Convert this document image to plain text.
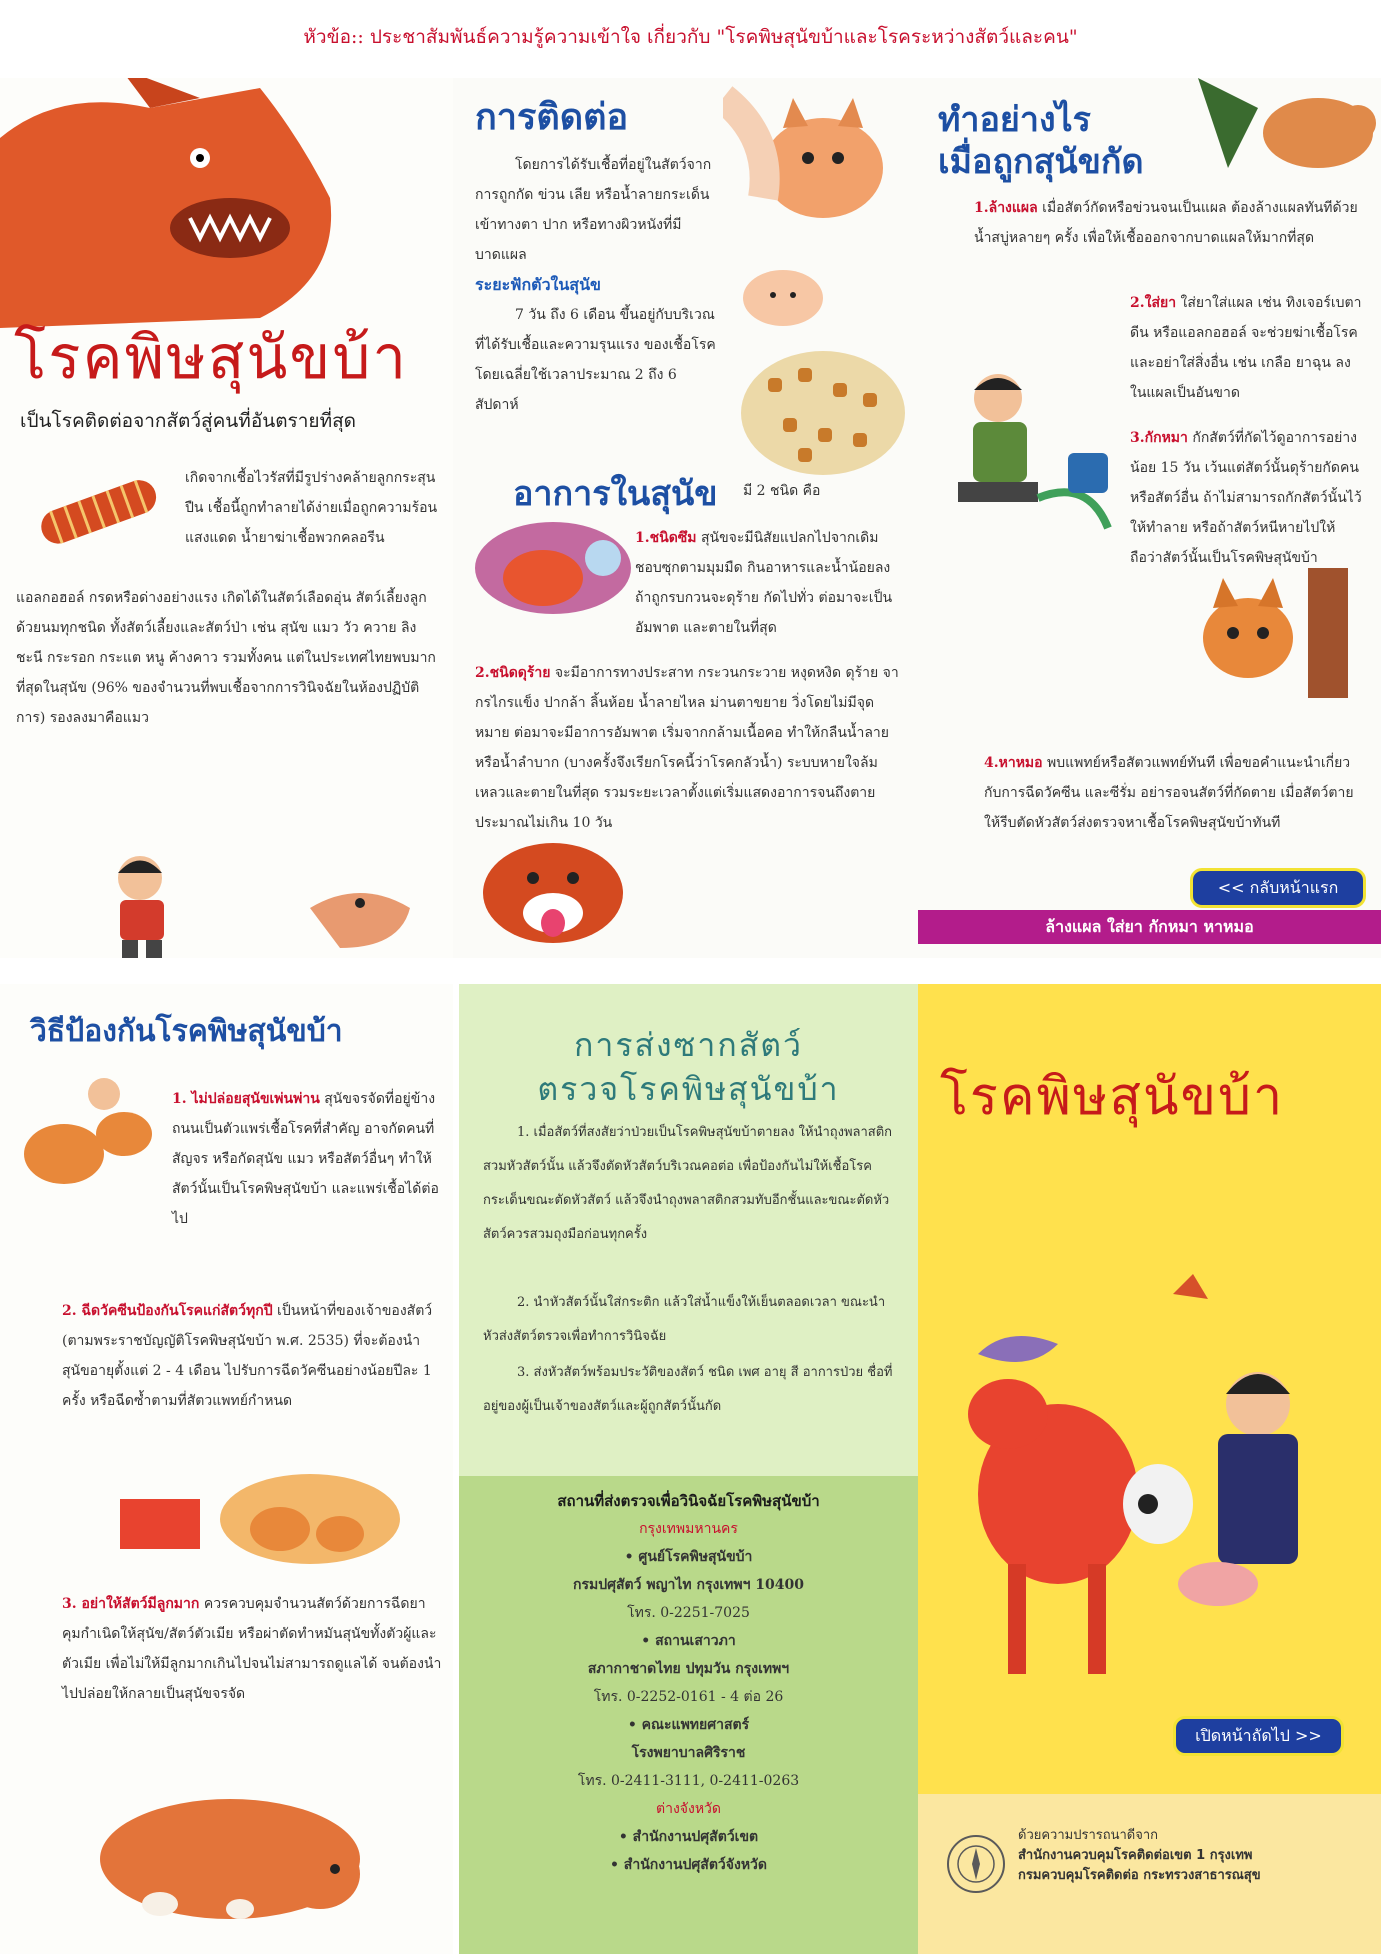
หัวข้อ:: ประชาสัมพันธ์ความรู้ความเข้าใจ เกี่ยวกับ "โรคพิษสุนัขบ้าและโรคระหว่างสัตว์และคน"
โรคพิษสุนัขบ้า
เป็นโรคติดต่อจากสัตว์สู่คนที่อันตรายที่สุด
เกิดจากเชื้อไวรัสที่มีรูปร่างคล้ายลูกกระสุนปืน เชื้อนี้ถูกทำลายได้ง่ายเมื่อถูกความร้อน แสงแดด น้ำยาฆ่าเชื้อพวกคลอรีน
แอลกอฮอล์ กรดหรือด่างอย่างแรง เกิดได้ในสัตว์เลือดอุ่น สัตว์เลี้ยงลูกด้วยนมทุกชนิด ทั้งสัตว์เลี้ยงและสัตว์ป่า เช่น สุนัข แมว วัว ควาย ลิง ชะนี กระรอก กระแต หนู ค้างคาว รวมทั้งคน แต่ในประเทศไทยพบมากที่สุดในสุนัข (96% ของจำนวนที่พบเชื้อจากการวินิจฉัยในห้องปฏิบัติการ) รองลงมาคือแมว
การติดต่อ
โดยการได้รับเชื้อที่อยู่ในสัตว์จากการถูกกัด ข่วน เลีย หรือน้ำลายกระเด็นเข้าทางตา ปาก หรือทางผิวหนังที่มีบาดแผล
ระยะฟักตัวในสุนัข
7 วัน ถึง 6 เดือน ขึ้นอยู่กับบริเวณที่ได้รับเชื้อและความรุนแรง ของเชื้อโรค โดยเฉลี่ยใช้เวลาประมาณ 2 ถึง 6 สัปดาห์
อาการในสุนัข มี 2 ชนิด คือ
1.ชนิดซึม สุนัขจะมีนิสัยแปลกไปจากเดิม ชอบซุกตามมุมมืด กินอาหารและน้ำน้อยลง ถ้าถูกรบกวนจะดุร้าย กัดไปทั่ว ต่อมาจะเป็นอัมพาต และตายในที่สุด
2.ชนิดดุร้าย จะมีอาการทางประสาท กระวนกระวาย หงุดหงิด ดุร้าย จากรไกรแข็ง ปากล้า ลิ้นห้อย น้ำลายไหล ม่านตาขยาย วิ่งโดยไม่มีจุดหมาย ต่อมาจะมีอาการอัมพาต เริ่มจากกล้ามเนื้อคอ ทำให้กลืนน้ำลายหรือน้ำลำบาก (บางครั้งจึงเรียกโรคนี้ว่าโรคกลัวน้ำ) ระบบหายใจล้มเหลวและตายในที่สุด รวมระยะเวลาตั้งแต่เริ่มแสดงอาการจนถึงตาย ประมาณไม่เกิน 10 วัน
ทำอย่างไร
เมื่อถูกสุนัขกัด
1.ล้างแผล เมื่อสัตว์กัดหรือข่วนจนเป็นแผล ต้องล้างแผลทันทีด้วยน้ำสบู่หลายๆ ครั้ง เพื่อให้เชื้อออกจากบาดแผลให้มากที่สุด
2.ใส่ยา ใส่ยาใส่แผล เช่น ทิงเจอร์เบตาดีน หรือแอลกอฮอล์ จะช่วยฆ่าเชื้อโรค และอย่าใส่สิ่งอื่น เช่น เกลือ ยาฉุน ลงในแผลเป็นอันขาด
3.กักหมา กักสัตว์ที่กัดไว้ดูอาการอย่างน้อย 15 วัน เว้นแต่สัตว์นั้นดุร้ายกัดคนหรือสัตว์อื่น ถ้าไม่สามารถกักสัตว์นั้นไว้ให้ทำลาย หรือถ้าสัตว์หนีหายไปให้ถือว่าสัตว์นั้นเป็นโรคพิษสุนัขบ้า
4.หาหมอ พบแพทย์หรือสัตวแพทย์ทันที เพื่อขอคำแนะนำเกี่ยวกับการฉีดวัคซีน และซีรั่ม อย่ารอจนสัตว์ที่กัดตาย เมื่อสัตว์ตายให้รีบตัดหัวสัตว์ส่งตรวจหาเชื้อโรคพิษสุนัขบ้าทันที
<< กลับหน้าแรก
ล้างแผล ใส่ยา กักหมา หาหมอ
วิธีป้องกันโรคพิษสุนัขบ้า
1. ไม่ปล่อยสุนัขเพ่นพ่าน สุนัขจรจัดที่อยู่ข้างถนนเป็นตัวแพร่เชื้อโรคที่สำคัญ อาจกัดคนที่สัญจร หรือกัดสุนัข แมว หรือสัตว์อื่นๆ ทำให้สัตว์นั้นเป็นโรคพิษสุนัขบ้า และแพร่เชื้อได้ต่อไป
2. ฉีดวัคซีนป้องกันโรคแก่สัตว์ทุกปี เป็นหน้าที่ของเจ้าของสัตว์ (ตามพระราชบัญญัติโรคพิษสุนัขบ้า พ.ศ. 2535) ที่จะต้องนำสุนัขอายุตั้งแต่ 2 - 4 เดือน ไปรับการฉีดวัคซีนอย่างน้อยปีละ 1 ครั้ง หรือฉีดซ้ำตามที่สัตวแพทย์กำหนด
3. อย่าให้สัตว์มีลูกมาก ควรควบคุมจำนวนสัตว์ด้วยการฉีดยาคุมกำเนิดให้สุนัข/สัตว์ตัวเมีย หรือผ่าตัดทำหมันสุนัขทั้งตัวผู้และตัวเมีย เพื่อไม่ให้มีลูกมากเกินไปจนไม่สามารถดูแลได้ จนต้องนำไปปล่อยให้กลายเป็นสุนัขจรจัด
การส่งซากสัตว์
ตรวจโรคพิษสุนัขบ้า
1. เมื่อสัตว์ที่สงสัยว่าป่วยเป็นโรคพิษสุนัขบ้าตายลง ให้นำถุงพลาสติกสวมหัวสัตว์นั้น แล้วจึงตัดหัวสัตว์บริเวณคอต่อ เพื่อป้องกันไม่ให้เชื้อโรคกระเด็นขณะตัดหัวสัตว์ แล้วจึงนำถุงพลาสติกสวมทับอีกชั้นและขณะตัดหัวสัตว์ควรสวมถุงมือก่อนทุกครั้ง
2. นำหัวสัตว์นั้นใส่กระติก แล้วใส่น้ำแข็งให้เย็นตลอดเวลา ขณะนำหัวส่งสัตว์ตรวจเพื่อทำการวินิจฉัย
3. ส่งหัวสัตว์พร้อมประวัติของสัตว์ ชนิด เพศ อายุ สี อาการป่วย ชื่อที่อยู่ของผู้เป็นเจ้าของสัตว์และผู้ถูกสัตว์นั้นกัด
สถานที่ส่งตรวจเพื่อวินิจฉัยโรคพิษสุนัขบ้า
กรุงเทพมหานคร
• ศูนย์โรคพิษสุนัขบ้า
กรมปศุสัตว์ พญาไท กรุงเทพฯ 10400
โทร. 0-2251-7025
• สถานเสาวภา
สภากาชาดไทย ปทุมวัน กรุงเทพฯ
โทร. 0-2252-0161 - 4 ต่อ 26
• คณะแพทยศาสตร์
โรงพยาบาลศิริราช
โทร. 0-2411-3111, 0-2411-0263
ต่างจังหวัด
• สำนักงานปศุสัตว์เขต
• สำนักงานปศุสัตว์จังหวัด
โรคพิษสุนัขบ้า
เปิดหน้าถัดไป >>
ด้วยความปรารถนาดีจาก
สำนักงานควบคุมโรคติดต่อเขต 1 กรุงเทพ
กรมควบคุมโรคติดต่อ กระทรวงสาธารณสุข
